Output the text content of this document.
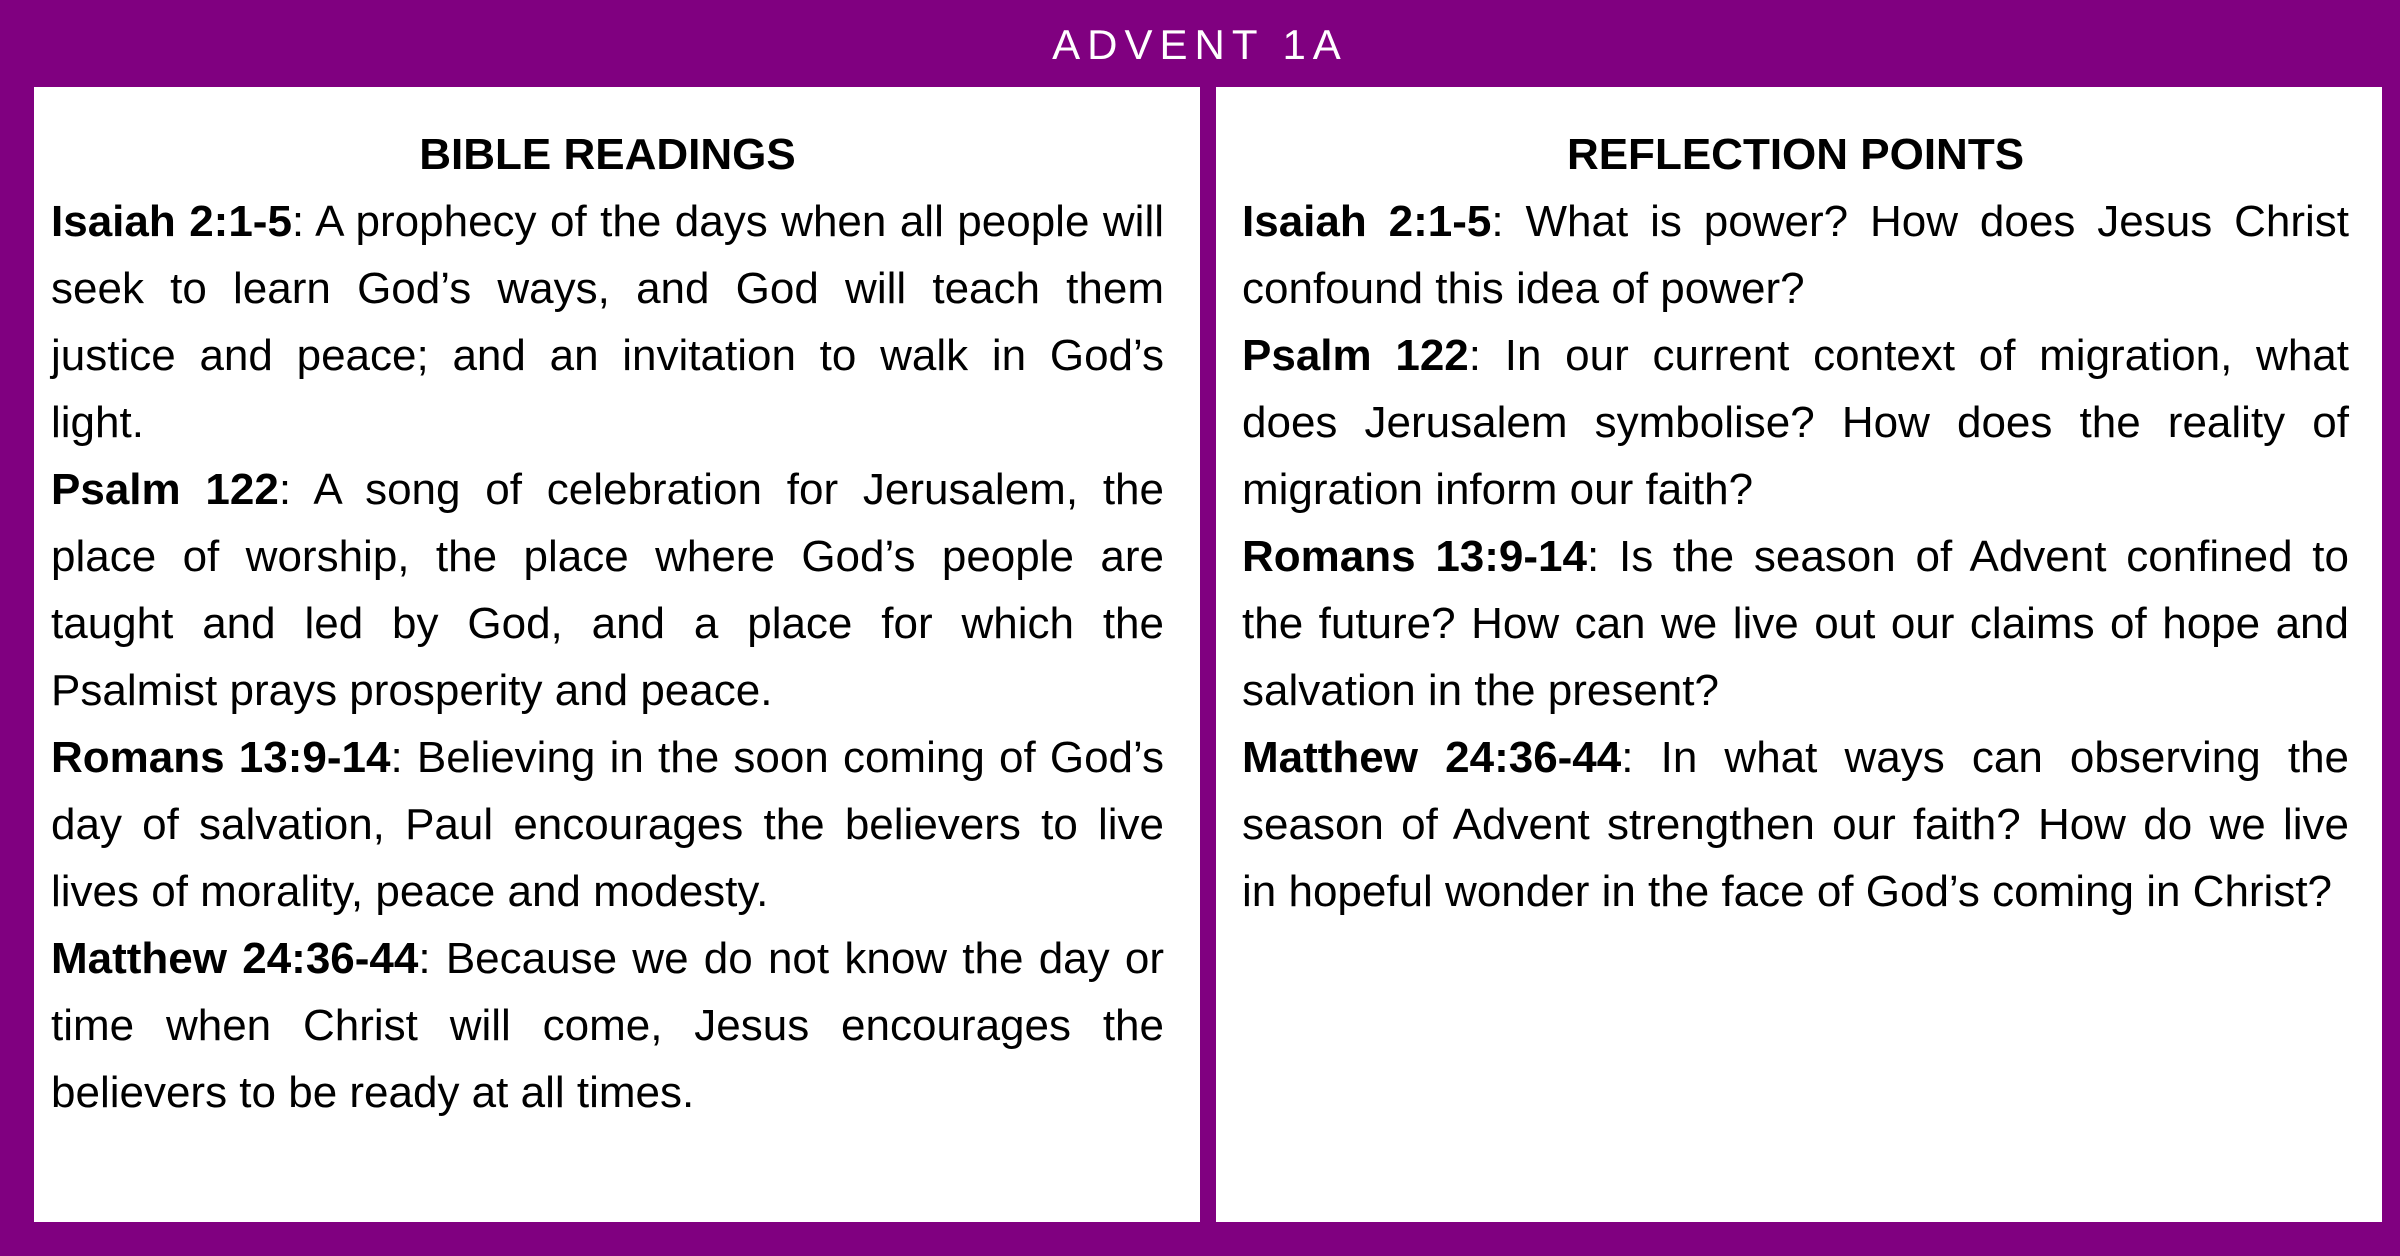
ADVENT 1A

BIBLE READINGS

Isaiah 2:1-5: A prophecy of the days when all people will seek to learn God’s ways, and God will teach them justice and peace; and an invitation to walk in God’s light.

Psalm 122: A song of celebration for Jerusalem, the place of worship, the place where God’s people are taught and led by God, and a place for which the Psalmist prays prosperity and peace.

Romans 13:9-14: Believing in the soon coming of God’s day of salvation, Paul encourages the believers to live lives of morality, peace and modesty.

Matthew 24:36-44: Because we do not know the day or time when Christ will come, Jesus encourages the believers to be ready at all times.

REFLECTION POINTS

Isaiah 2:1-5: What is power? How does Jesus Christ confound this idea of power?

Psalm 122: In our current context of migration, what does Jerusalem symbolise? How does the reality of migration inform our faith?

Romans 13:9-14: Is the season of Advent confined to the future? How can we live out our claims of hope and salvation in the present?

Matthew 24:36-44: In what ways can observing the season of Advent strengthen our faith? How do we live in hopeful wonder in the face of God’s coming in Christ?
